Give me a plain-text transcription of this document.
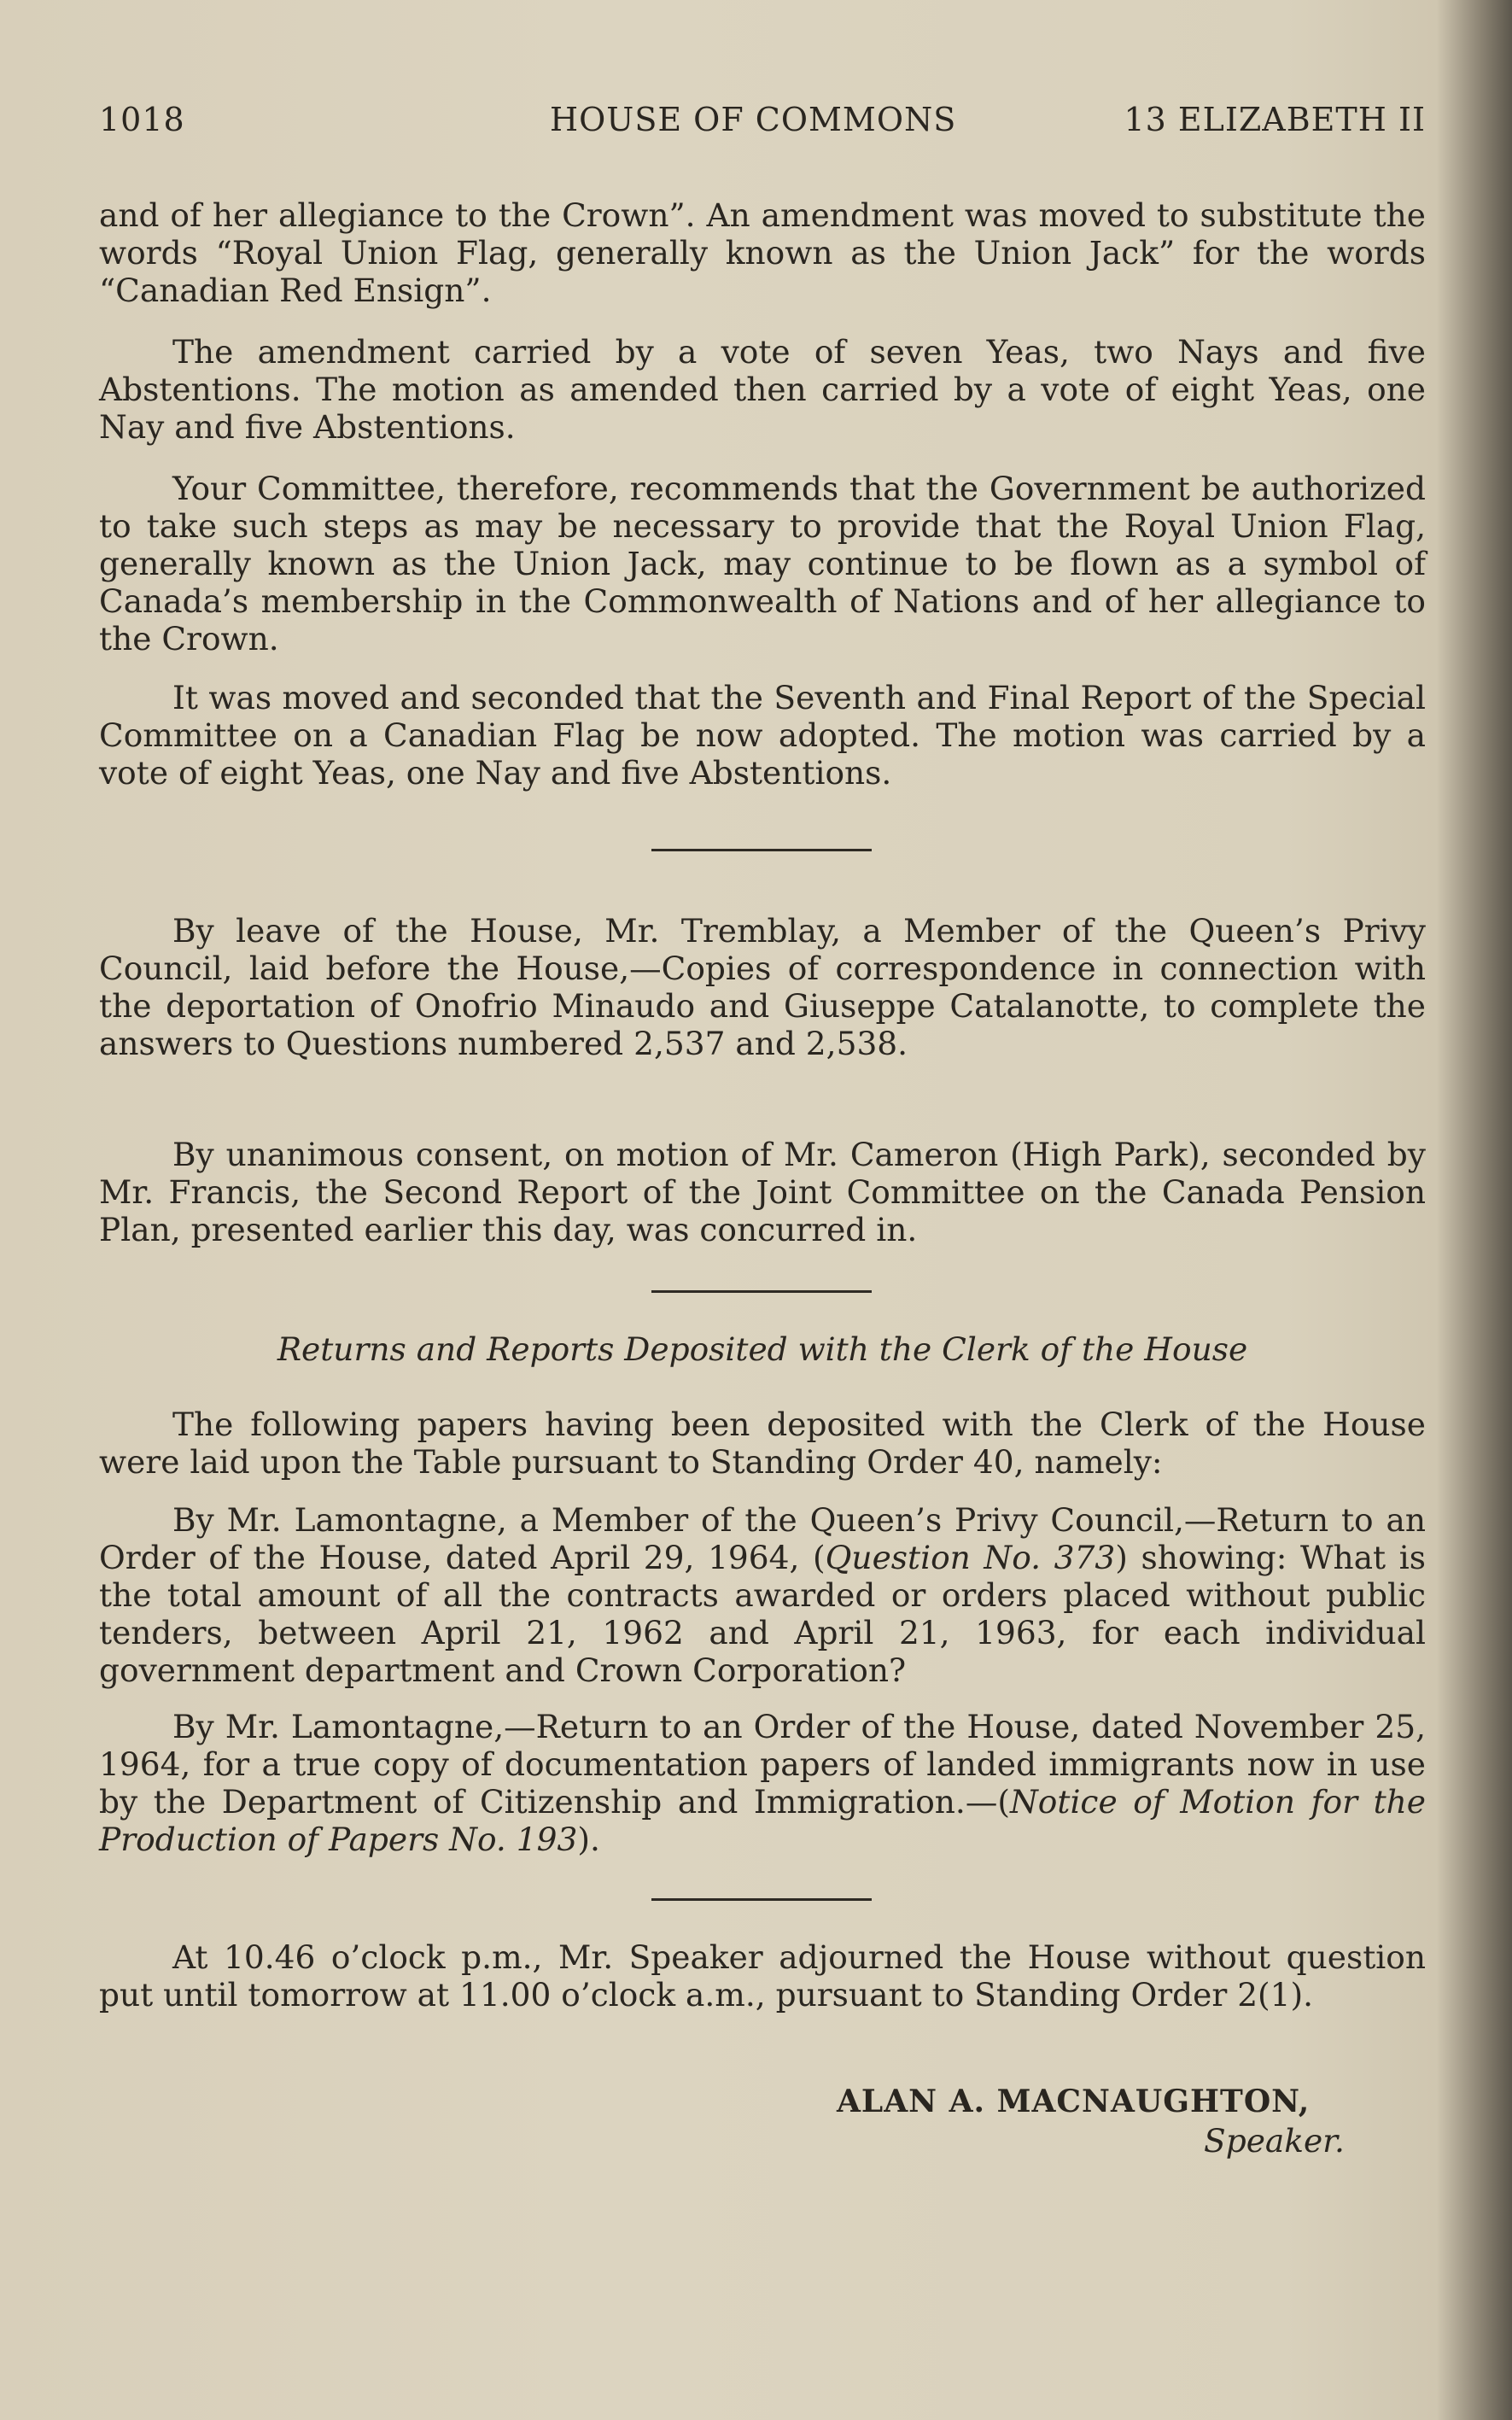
1018	HOUSE OF COMMONS	13 ELIZABETH II

and of her allegiance to the Crown”. An amendment was moved to substitute the words “Royal Union Flag, generally known as the Union Jack” for the words “Canadian Red Ensign”.

The amendment carried by a vote of seven Yeas, two Nays and five Abstentions. The motion as amended then carried by a vote of eight Yeas, one Nay and five Abstentions.

Your Committee, therefore, recommends that the Government be authorized to take such steps as may be necessary to provide that the Royal Union Flag, generally known as the Union Jack, may continue to be flown as a symbol of Canada’s membership in the Commonwealth of Nations and of her allegiance to the Crown.

It was moved and seconded that the Seventh and Final Report of the Special Committee on a Canadian Flag be now adopted. The motion was carried by a vote of eight Yeas, one Nay and five Abstentions.

By leave of the House, Mr. Tremblay, a Member of the Queen’s Privy Council, laid before the House,—Copies of correspondence in connection with the deportation of Onofrio Minaudo and Giuseppe Catalanotte, to complete the answers to Questions numbered 2,537 and 2,538.

By unanimous consent, on motion of Mr. Cameron (High Park), seconded by Mr. Francis, the Second Report of the Joint Committee on the Canada Pension Plan, presented earlier this day, was concurred in.

Returns and Reports Deposited with the Clerk of the House

The following papers having been deposited with the Clerk of the House were laid upon the Table pursuant to Standing Order 40, namely:

By Mr. Lamontagne, a Member of the Queen’s Privy Council,—Return to an Order of the House, dated April 29, 1964, (Question No. 373) showing: What is the total amount of all the contracts awarded or orders placed without public tenders, between April 21, 1962 and April 21, 1963, for each individual government department and Crown Corporation?

By Mr. Lamontagne,—Return to an Order of the House, dated November 25, 1964, for a true copy of documentation papers of landed immigrants now in use by the Department of Citizenship and Immigration.—(Notice of Motion for the Production of Papers No. 193).

At 10.46 o’clock p.m., Mr. Speaker adjourned the House without question put until tomorrow at 11.00 o’clock a.m., pursuant to Standing Order 2(1).

ALAN A. MACNAUGHTON,
Speaker.
